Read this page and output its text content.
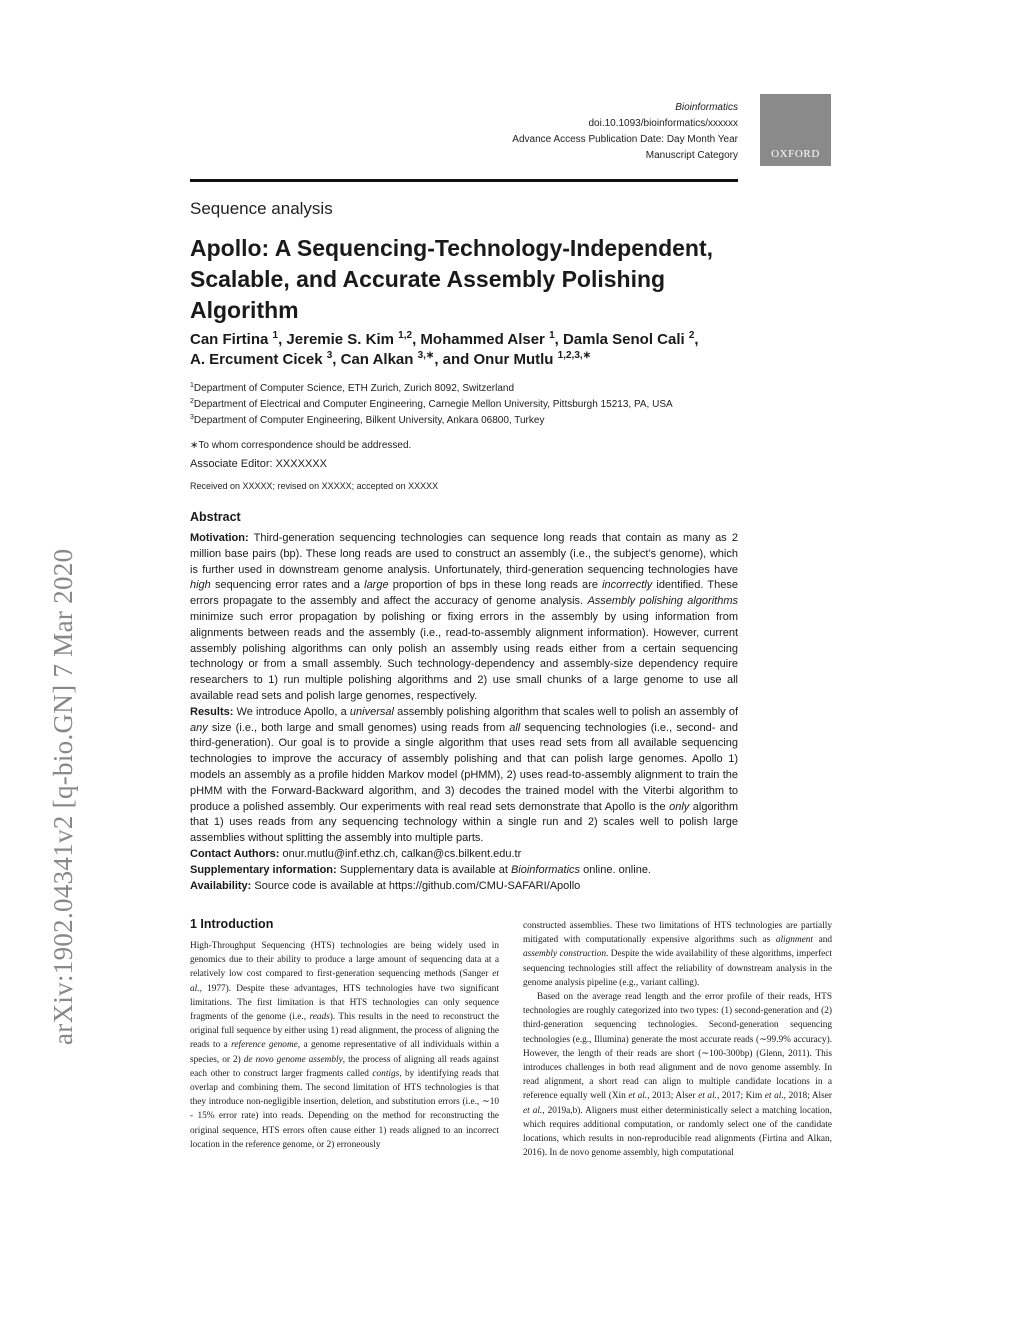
arXiv:1902.04341v2 [q-bio.GN] 7 Mar 2020
Bioinformatics
doi.10.1093/bioinformatics/xxxxxx
Advance Access Publication Date: Day Month Year
Manuscript Category	OXFORD
Sequence analysis
Apollo: A Sequencing-Technology-Independent, Scalable, and Accurate Assembly Polishing Algorithm
Can Firtina $^1$, Jeremie S. Kim $^{1,2}$, Mohammed Alser $^1$, Damla Senol Cali $^2$,
A. Ercument Cicek $^3$, Can Alkan $^{3,∗}$, and Onur Mutlu $^{1,2,3,∗}$
$^1$Department of Computer Science, ETH Zurich, Zurich 8092, Switzerland
$^2$Department of Electrical and Computer Engineering, Carnegie Mellon University, Pittsburgh 15213, PA, USA
$^3$Department of Computer Engineering, Bilkent University, Ankara 06800, Turkey
∗To whom correspondence should be addressed.
Associate Editor: XXXXXXX
Received on XXXXX; revised on XXXXX; accepted on XXXXX
Abstract

Motivation: Third-generation sequencing technologies can sequence long reads that contain as many as 2 million base pairs (bp). These long reads are used to construct an assembly (i.e., the subject’s genome), which is further used in downstream genome analysis. Unfortunately, third-generation sequencing technologies have high sequencing error rates and a large proportion of bps in these long reads are incorrectly identified. These errors propagate to the assembly and affect the accuracy of genome analysis. Assembly polishing algorithms minimize such error propagation by polishing or fixing errors in the assembly by using information from alignments between reads and the assembly (i.e., read-to-assembly alignment information). However, current assembly polishing algorithms can only polish an assembly using reads either from a certain sequencing technology or from a small assembly. Such technology-dependency and assembly-size dependency require researchers to 1) run multiple polishing algorithms and 2) use small chunks of a large genome to use all available read sets and polish large genomes, respectively.

Results: We introduce Apollo, a universal assembly polishing algorithm that scales well to polish an assembly of any size (i.e., both large and small genomes) using reads from all sequencing technologies (i.e., second- and third-generation). Our goal is to provide a single algorithm that uses read sets from all available sequencing technologies to improve the accuracy of assembly polishing and that can polish large genomes. Apollo 1) models an assembly as a profile hidden Markov model (pHMM), 2) uses read-to-assembly alignment to train the pHMM with the Forward-Backward algorithm, and 3) decodes the trained model with the Viterbi algorithm to produce a polished assembly. Our experiments with real read sets demonstrate that Apollo is the only algorithm that 1) uses reads from any sequencing technology within a single run and 2) scales well to polish large assemblies without splitting the assembly into multiple parts.

Contact Authors: onur.mutlu@inf.ethz.ch, calkan@cs.bilkent.edu.tr

Supplementary information: Supplementary data is available at Bioinformatics online. online.

Availability: Source code is available at https://github.com/CMU-SAFARI/Apollo

1 Introduction

High-Throughput Sequencing (HTS) technologies are being widely used in genomics due to their ability to produce a large amount of sequencing data at a relatively low cost compared to first-generation sequencing methods (Sanger et al., 1977). Despite these advantages, HTS technologies have two significant limitations. The first limitation is that HTS technologies can only sequence fragments of the genome (i.e., reads). This results in the need to reconstruct the original full sequence by either using 1) read alignment, the process of aligning the reads to a reference genome, a genome representative of all individuals within a species, or 2) de novo genome assembly, the process of aligning all reads against each other to construct larger fragments called contigs, by identifying reads that overlap and combining them. The second limitation of HTS technologies is that they introduce non-negligible insertion, deletion, and substitution errors (i.e., ∼10 - 15% error rate) into reads. Depending on the method for reconstructing the original sequence, HTS errors often cause either 1) reads aligned to an incorrect location in the reference genome, or 2) erroneously

constructed assemblies. These two limitations of HTS technologies are partially mitigated with computationally expensive algorithms such as alignment and assembly construction. Despite the wide availability of these algorithms, imperfect sequencing technologies still affect the reliability of downstream analysis in the genome analysis pipeline (e.g., variant calling).

Based on the average read length and the error profile of their reads, HTS technologies are roughly categorized into two types: (1) second-generation and (2) third-generation sequencing technologies. Second-generation sequencing technologies (e.g., Illumina) generate the most accurate reads (∼99.9% accuracy). However, the length of their reads are short (∼100-300bp) (Glenn, 2011). This introduces challenges in both read alignment and de novo genome assembly. In read alignment, a short read can align to multiple candidate locations in a reference equally well (Xin et al., 2013; Alser et al., 2017; Kim et al., 2018; Alser et al., 2019a,b). Aligners must either deterministically select a matching location, which requires additional computation, or randomly select one of the candidate locations, which results in non-reproducible read alignments (Firtina and Alkan, 2016). In de novo genome assembly, high computational
